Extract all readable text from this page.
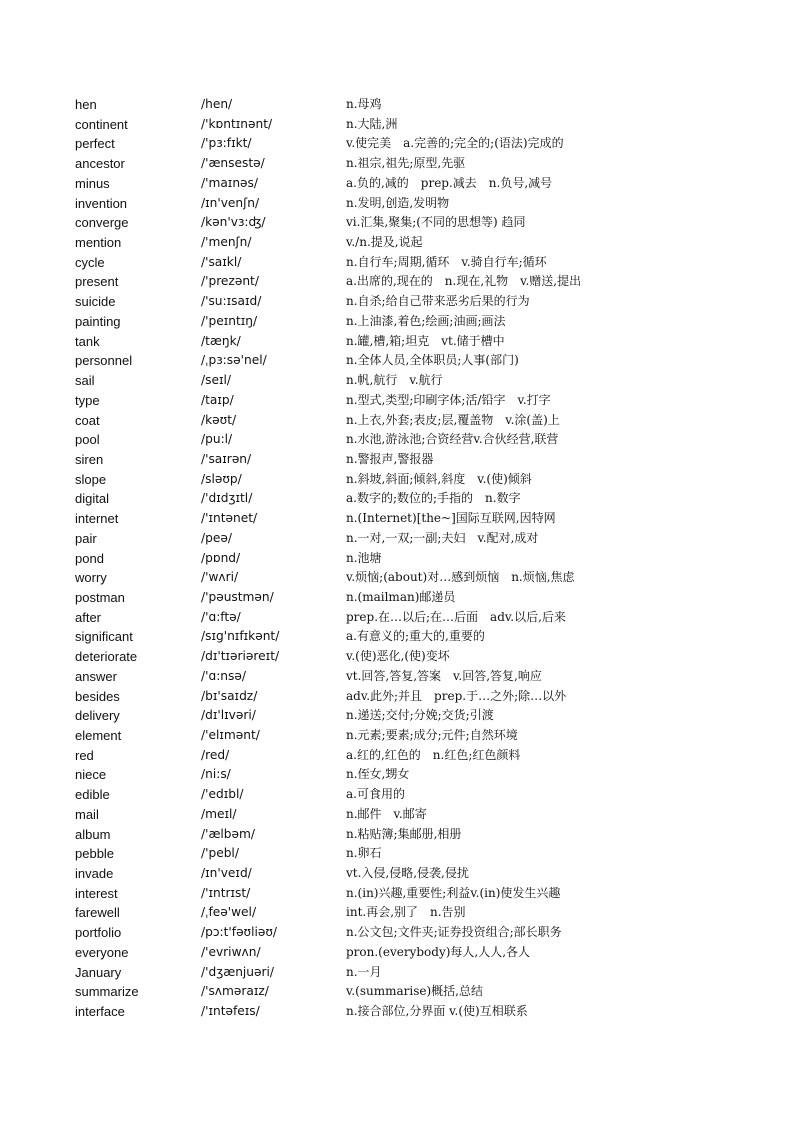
hen	/hen/	n.母鸡
continent	/'kɒntɪnənt/	n.大陆,洲
perfect	/'pɜ:fɪkt/	v.使完美　a.完善的;完全的;(语法)完成的
ancestor	/'ænsestə/	n.祖宗,祖先;原型,先驱
minus	/'maɪnəs/	a.负的,减的　prep.减去　n.负号,减号
invention	/ɪn'venʃn/	n.发明,创造,发明物
converge	/kən'vɜ:ʤ/	vi.汇集,聚集;(不同的思想等) 趋同
mention	/'menʃn/	v./n.提及,说起
cycle	/'saɪkl/	n.自行车;周期,循环　v.骑自行车;循环
present	/'prezənt/	a.出席的,现在的　n.现在,礼物　v.赠送,提出
suicide	/'su:ɪsaɪd/	n.自杀;给自己带来恶劣后果的行为
painting	/'peɪntɪŋ/	n.上油漆,着色;绘画;油画;画法
tank	/tæŋk/	n.罐,槽,箱;坦克　vt.储于槽中
personnel	/ˌpɜ:sə'nel/	n.全体人员,全体职员;人事(部门)
sail	/seɪl/	n.帆,航行　v.航行
type	/taɪp/	n.型式,类型;印刷字体;活/铅字　v.打字
coat	/kəʊt/	n.上衣,外套;表皮;层,覆盖物　v.涂(盖)上
pool	/pu:l/	n.水池,游泳池;合资经营v.合伙经营,联营
siren	/'saɪrən/	n.警报声,警报器
slope	/sləʊp/	n.斜坡,斜面;倾斜,斜度　v.(使)倾斜
digital	/'dɪdʒɪtl/	a.数字的;数位的;手指的　n.数字
internet	/'ɪntənet/	n.(Internet)[the~]国际互联网,因特网
pair	/peə/	n.一对,一双;一副;夫妇　v.配对,成对
pond	/pɒnd/	n.池塘
worry	/'wʌri/	v.烦恼;(about)对…感到烦恼　n.烦恼,焦虑
postman	/'pəustmən/	n.(mailman)邮递员
after	/'ɑ:ftə/	prep.在…以后;在…后面　adv.以后,后来
significant	/sɪg'nɪfɪkənt/	a.有意义的;重大的,重要的
deteriorate	/dɪ'tɪəriəreɪt/	v.(使)恶化,(使)变坏
answer	/'ɑ:nsə/	vt.回答,答复,答案　v.回答,答复,响应
besides	/bɪ'saɪdz/	adv.此外;并且　prep.于…之外;除…以外
delivery	/dɪ'lɪvəri/	n.递送;交付;分娩;交货;引渡
element	/'elɪmənt/	n.元素;要素;成分;元件;自然环境
red	/red/	a.红的,红色的　n.红色;红色颜料
niece	/ni:s/	n.侄女,甥女
edible	/'edɪbl/	a.可食用的
mail	/meɪl/	n.邮件　v.邮寄
album	/'ælbəm/	n.粘贴簿;集邮册,相册
pebble	/'pebl/	n.卵石
invade	/ɪn'veɪd/	vt.入侵,侵略,侵袭,侵扰
interest	/'ɪntrɪst/	n.(in)兴趣,重要性;利益v.(in)使发生兴趣
farewell	/ˌfeə'wel/	int.再会,别了　n.告别
portfolio	/pɔ:t'fəʊliəʊ/	n.公文包;文件夹;证券投资组合;部长职务
everyone	/'evriwʌn/	pron.(everybody)每人,人人,各人
January	/'dʒænjuəri/	n.一月
summarize	/'sʌməraɪz/	v.(summarise)概括,总结
interface	/'ɪntəfeɪs/	n.接合部位,分界面 v.(使)互相联系
